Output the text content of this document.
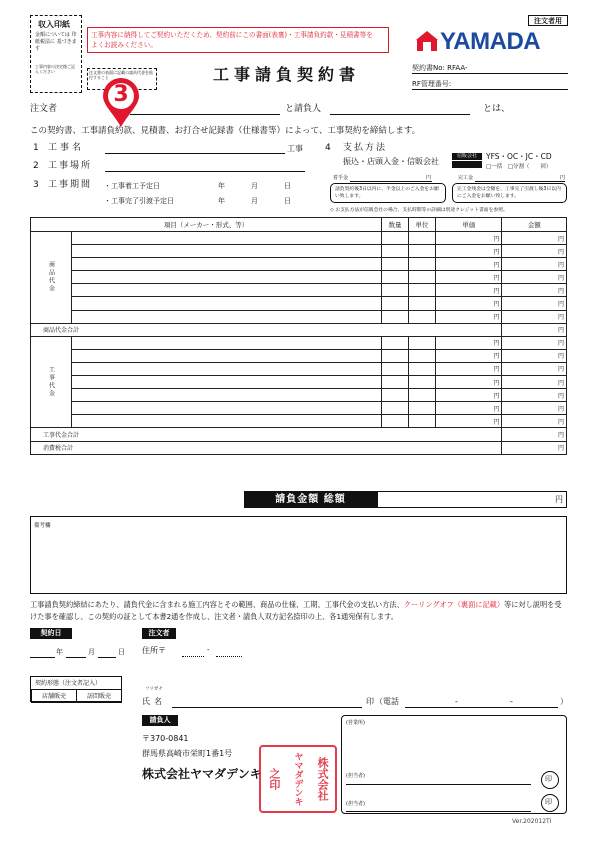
収入印紙
金額については 印紙税法に 基づきます
工事内容の決定後ご記入ください	注文書の表面に記載の請負代金を貼付すること
工事内容に納得してご契約いただくため、契約前にこの書面(表裏)・工事請負約款・見積書等を
よくお読みください。
工事請負契約書
注文者用
YAMADA
契約書No: RFAA-
RF管理番号:
3
注文者	と請負人	とは、
この契約書、工事請負約款、見積書、お打合せ記録書（仕様書等）によって、工事契約を締結します。
1 工事名	工事
2 工事場所
3 工事期間 ・工事着工予定日	年	月	日
・工事完了引渡予定日	年	月	日
4 支払方法
振込・店頭入金・信販会社
信販会社	YFS・OC・JC・CD
□一括　□分割（　　回）
着手金	円
請負契約後3日以内に、半金以上のご入金をお願い致します。
完工金	円
完工金残金は全額を、工事完了引渡し後3日以内にご入金をお願い致します。
◇ お支払方法が信販会社の場合、支払時期等の詳細は別途クレジット書面を参照。
項目（メーカー・形式、等）		数量	単位	単価	金額
商品代金				円	円
				円	円
				円	円
				円	円
				円	円
				円	円
				円	円
商品代金合計					円
工事代金				円	円
				円	円
				円	円
				円	円
				円	円
				円	円
				円	円
工事代金合計					円
消費税合計					円
請負金額 総額	円
備考欄
工事請負契約締結にあたり、請負代金に含まれる施工内容とその範囲、商品の仕様、工期、工事代金の支払い方法、クーリングオフ（裏面に記載）等に対し説明を受けた事を確認し、この契約の証として本書2通を作成し、注文者・請負人双方記名捺印の上、各1通宛保有します。
契約日
年	月	日
注文者
住所〒	-
契約形態（注文者記入）
店舗販売	訪問販売
フリガナ
氏名	印 （電話	-	-	）
請負人
〒370-0841
群馬県高崎市栄町1番1号
株式会社ヤマダデンキ	株式会社
ヤマダデンキ
之印
(営業所)
(担当者)
(担当者)
印
印
Ver.202012TI
